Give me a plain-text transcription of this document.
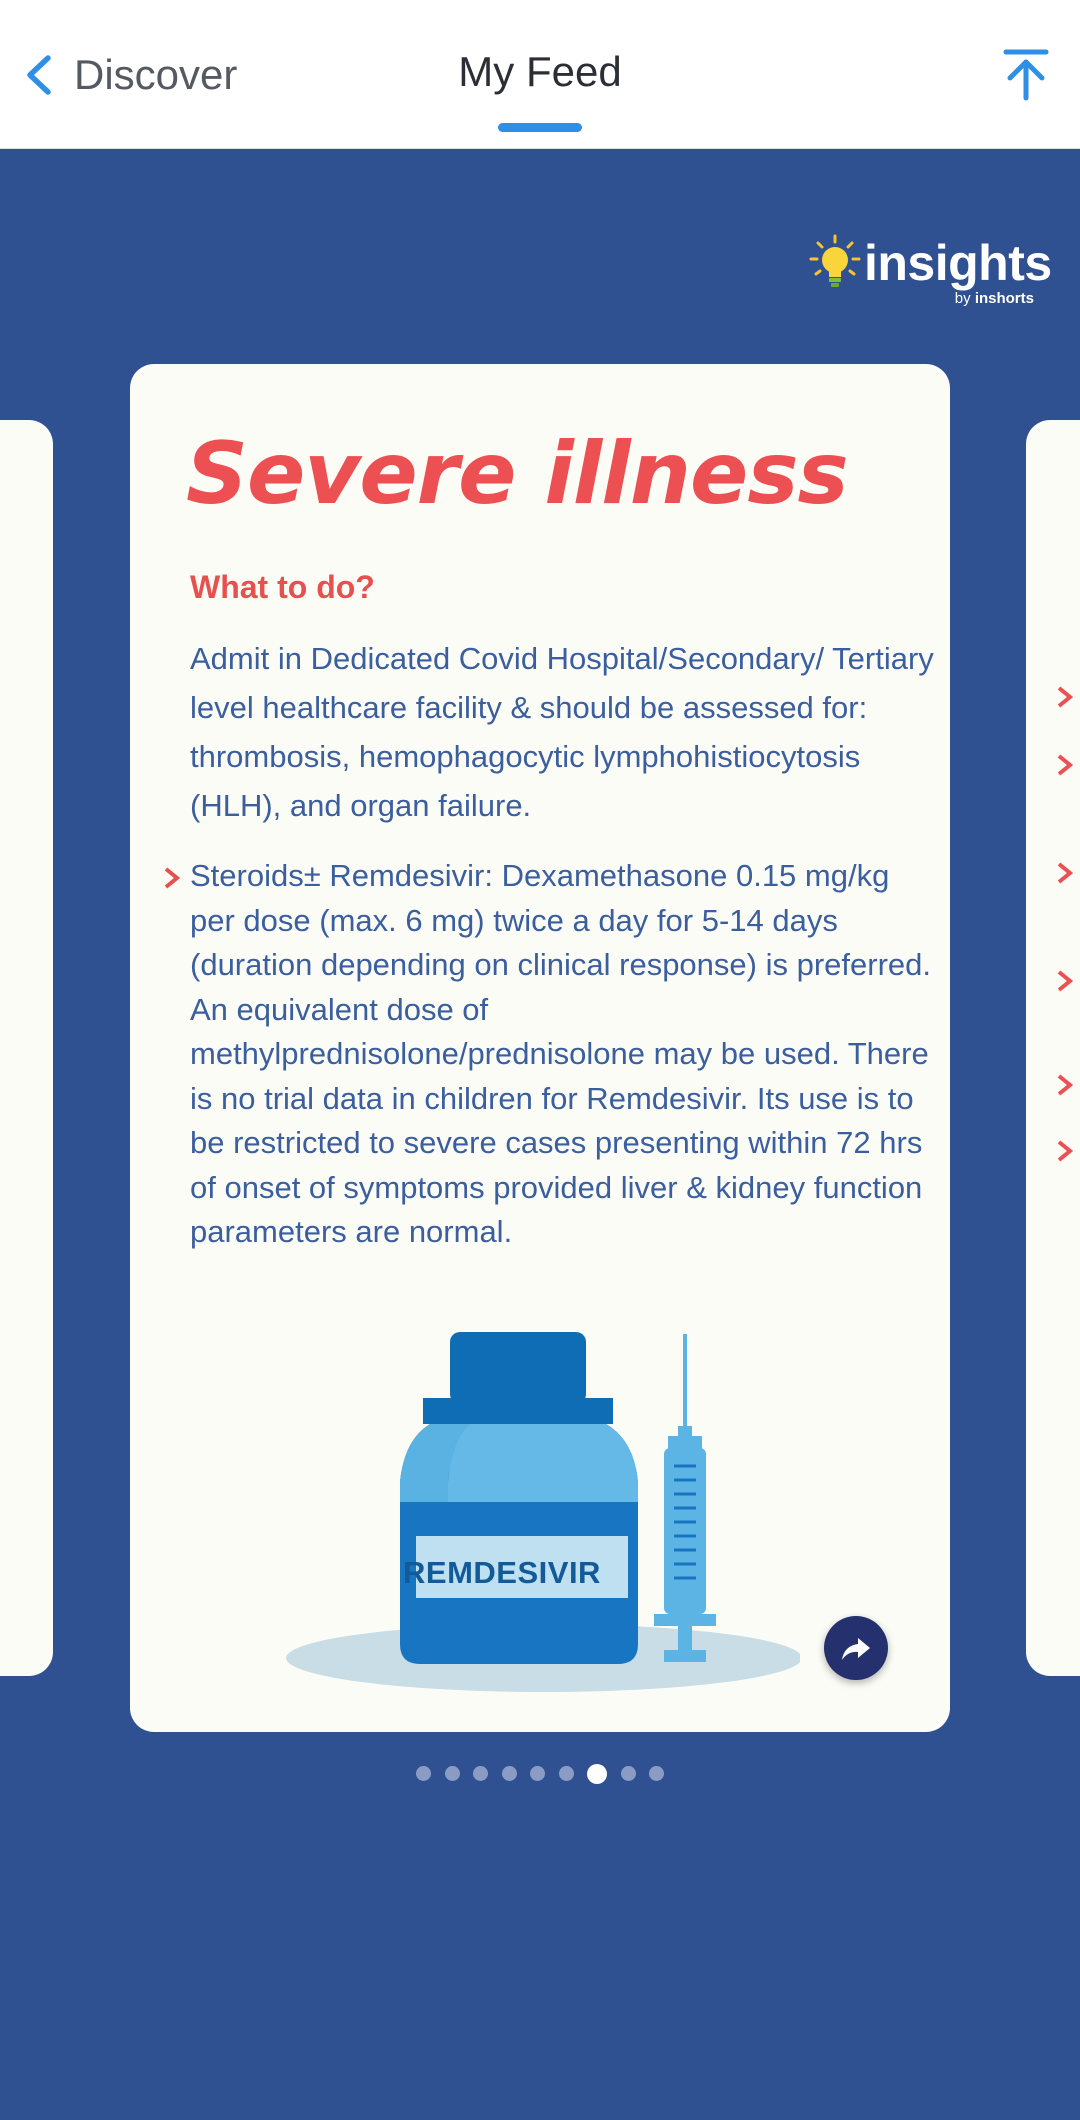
Discover	My Feed
insights
by inshorts
Severe illness
What to do?
Admit in Dedicated Covid Hospital/Secondary/ Tertiary level healthcare facility & should be assessed for: thrombosis, hemophagocytic lymphohistiocytosis (HLH), and organ failure.
Steroids± Remdesivir: Dexamethasone 0.15 mg/kg per dose (max. 6 mg) twice a day for 5-14 days (duration depending on clinical response) is preferred. An equivalent dose of methylprednisolone/prednisolone may be used. There is no trial data in children for Remdesivir. Its use is to be restricted to severe cases presenting within 72 hrs of onset of symptoms provided liver & kidney function parameters are normal.
REMDESIVIR
